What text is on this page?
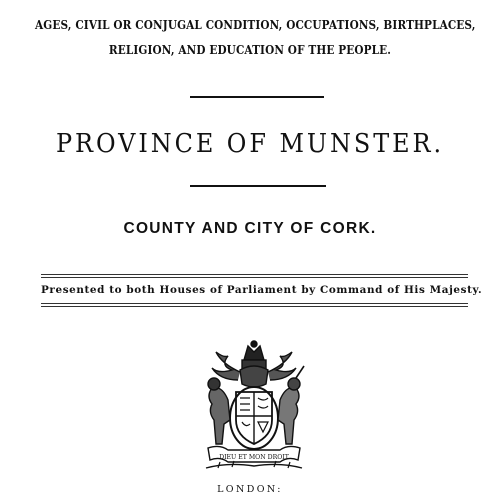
AGES, CIVIL OR CONJUGAL CONDITION, OCCUPATIONS, BIRTHPLACES,
RELIGION, AND EDUCATION OF THE PEOPLE.
PROVINCE OF MUNSTER.
COUNTY AND CITY OF CORK.
Presented to both Houses of Parliament by Command of His Majesty.
DIEU ET MON DROIT
LONDON:
